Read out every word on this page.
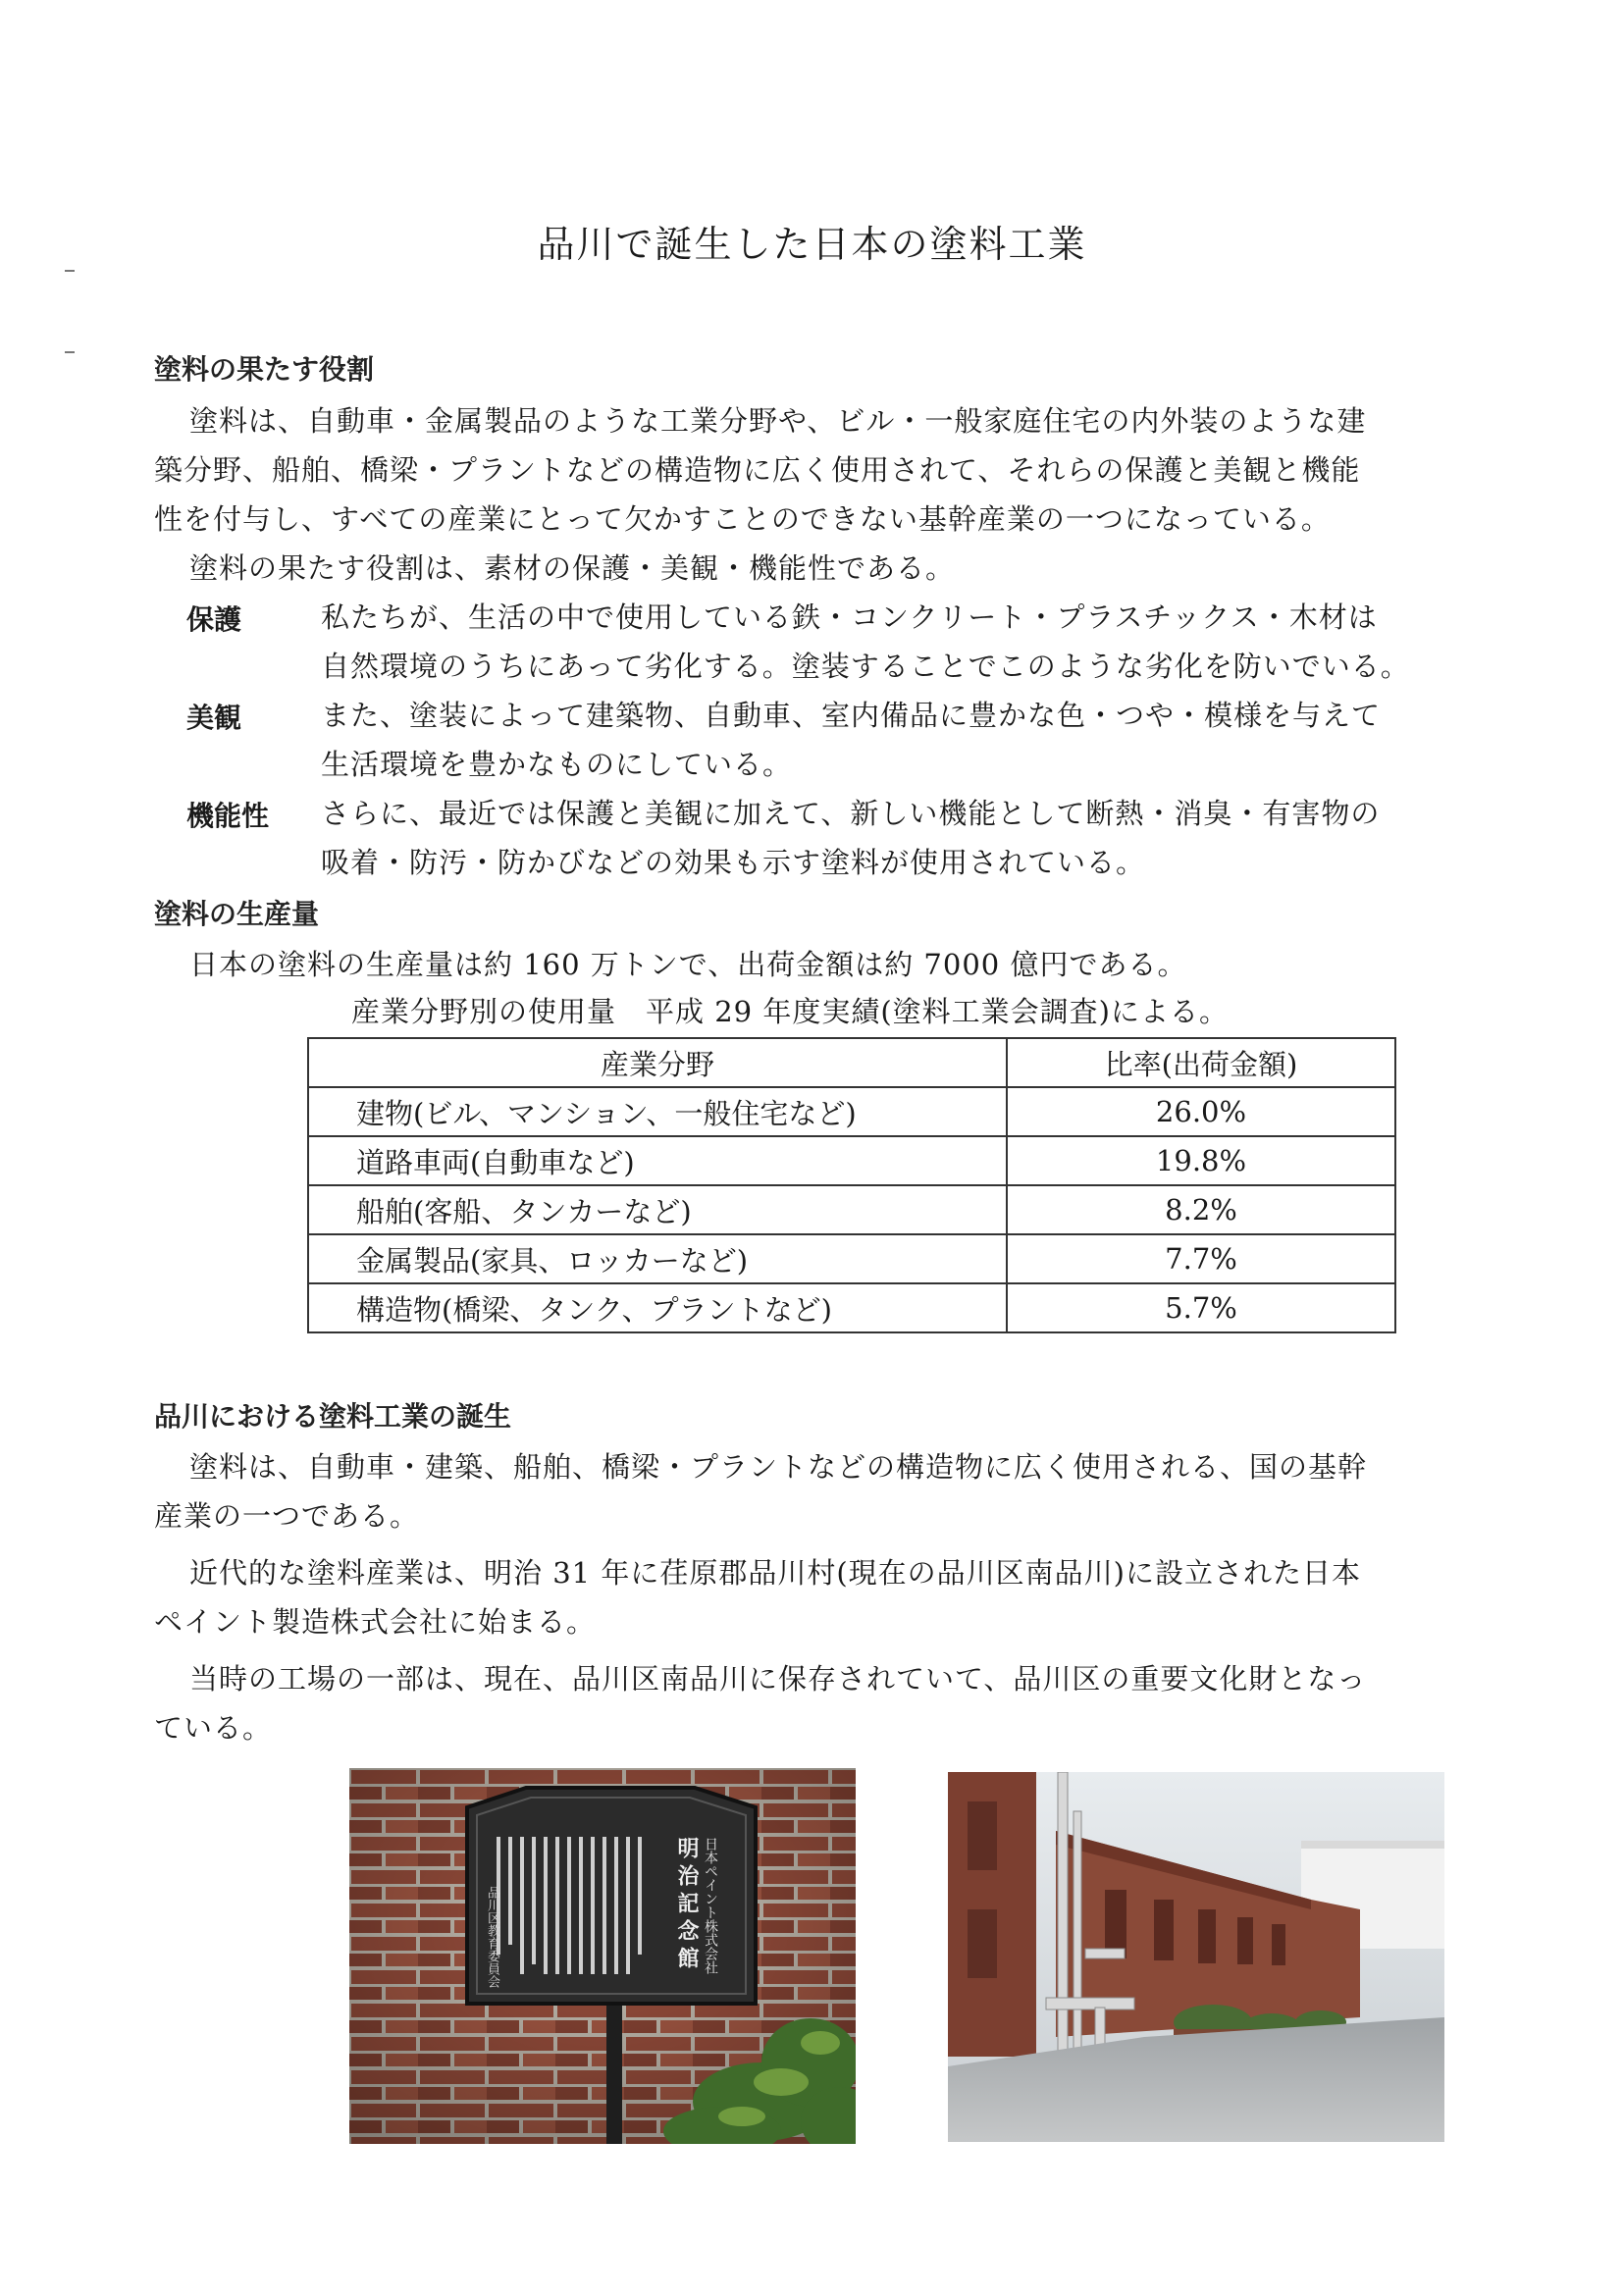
品川で誕生した日本の塗料工業
塗料の果たす役割
塗料は、自動車・金属製品のような工業分野や、ビル・一般家庭住宅の内外装のような建
築分野、船舶、橋梁・プラントなどの構造物に広く使用されて、それらの保護と美観と機能
性を付与し、すべての産業にとって欠かすことのできない基幹産業の一つになっている。
塗料の果たす役割は、素材の保護・美観・機能性である。
保護	私たちが、生活の中で使用している鉄・コンクリート・プラスチックス・木材は
自然環境のうちにあって劣化する。塗装することでこのような劣化を防いでいる。
美観	また、塗装によって建築物、自動車、室内備品に豊かな色・つや・模様を与えて
生活環境を豊かなものにしている。
機能性 さらに、最近では保護と美観に加えて、新しい機能として断熱・消臭・有害物の
吸着・防汚・防かびなどの効果も示す塗料が使用されている。
塗料の生産量
日本の塗料の生産量は約 160 万トンで、出荷金額は約 7000 億円である。
産業分野別の使用量　平成 29 年度実績(塗料工業会調査)による。
産業分野	比率(出荷金額)
建物(ビル、マンション、一般住宅など)	26.0%
道路車両(自動車など)	19.8%
船舶(客船、タンカーなど)	8.2%
金属製品(家具、ロッカーなど)	7.7%
構造物(橋梁、タンク、プラントなど)	5.7%
品川における塗料工業の誕生
塗料は、自動車・建築、船舶、橋梁・プラントなどの構造物に広く使用される、国の基幹
産業の一つである。
近代的な塗料産業は、明治 31 年に荏原郡品川村(現在の品川区南品川)に設立された日本
ペイント製造株式会社に始まる。
当時の工場の一部は、現在、品川区南品川に保存されていて、品川区の重要文化財となっ
ている。
日本ペイント株式会社
明治記念館
品川区教育委員会
